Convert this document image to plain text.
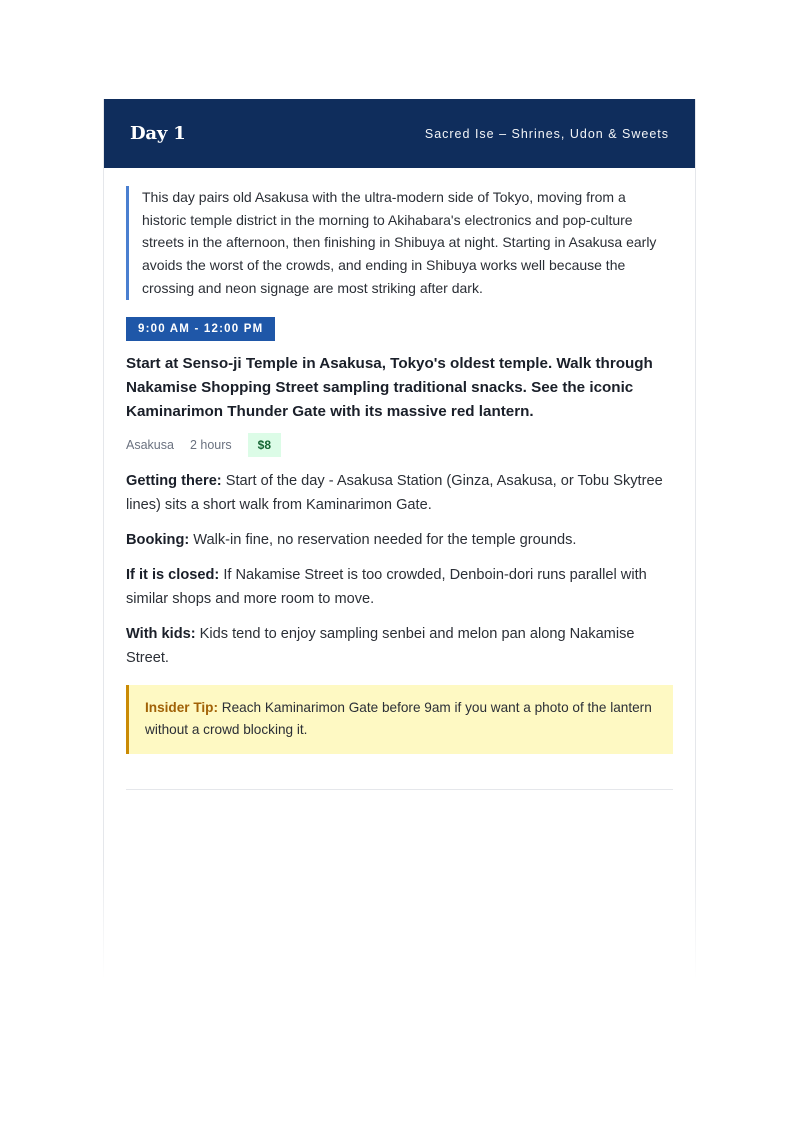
Day 1	Sacred Ise – Shrines, Udon & Sweets
This day pairs old Asakusa with the ultra-modern side of Tokyo, moving from a historic temple district in the morning to Akihabara's electronics and pop-culture streets in the afternoon, then finishing in Shibuya at night. Starting in Asakusa early avoids the worst of the crowds, and ending in Shibuya works well because the crossing and neon signage are most striking after dark.
9:00 AM - 12:00 PM
Start at Senso-ji Temple in Asakusa, Tokyo's oldest temple. Walk through Nakamise Shopping Street sampling traditional snacks. See the iconic Kaminarimon Thunder Gate with its massive red lantern.
Asakusa 2 hours	$8
Getting there: Start of the day - Asakusa Station (Ginza, Asakusa, or Tobu Skytree lines) sits a short walk from Kaminarimon Gate.
Booking: Walk-in fine, no reservation needed for the temple grounds.
If it is closed: If Nakamise Street is too crowded, Denboin-dori runs parallel with similar shops and more room to move.
With kids: Kids tend to enjoy sampling senbei and melon pan along Nakamise Street.
Insider Tip: Reach Kaminarimon Gate before 9am if you want a photo of the lantern without a crowd blocking it.
